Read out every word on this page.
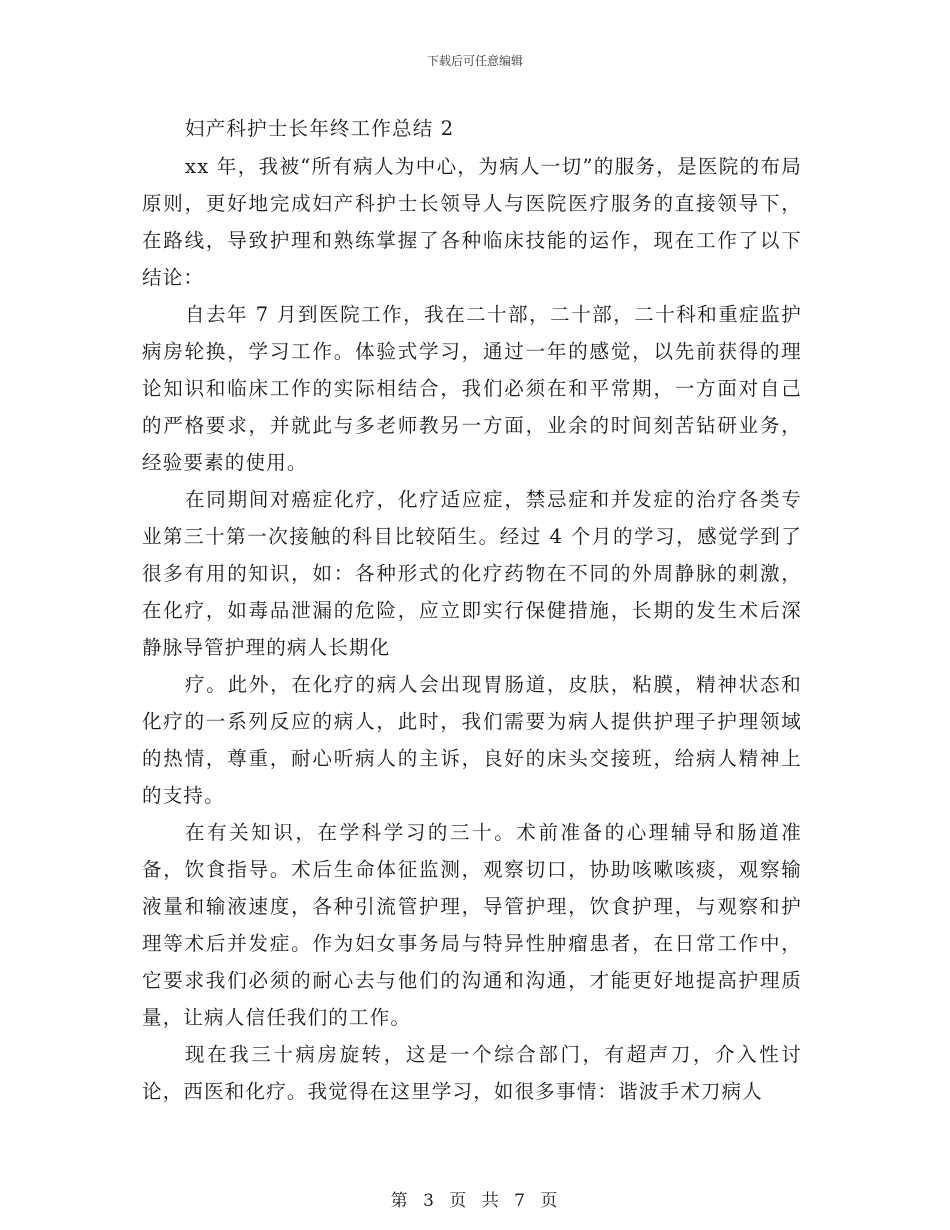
下载后可任意编辑

妇产科护士长年终工作总结 2

xx 年，我被“所有病人为中心，为病人一切”的服务，是医院的布局原则，更好地完成妇产科护士长领导人与医院医疗服务的直接领导下，在路线，导致护理和熟练掌握了各种临床技能的运作，现在工作了以下结论：

自去年 7 月到医院工作，我在二十部，二十部，二十科和重症监护病房轮换，学习工作。体验式学习，通过一年的感觉，以先前获得的理论知识和临床工作的实际相结合，我们必须在和平常期，一方面对自己的严格要求，并就此与多老师教另一方面，业余的时间刻苦钻研业务，经验要素的使用。

在同期间对癌症化疗，化疗适应症，禁忌症和并发症的治疗各类专业第三十第一次接触的科目比较陌生。经过 4 个月的学习，感觉学到了很多有用的知识，如：各种形式的化疗药物在不同的外周静脉的刺激，在化疗，如毒品泄漏的危险，应立即实行保健措施，长期的发生术后深静脉导管护理的病人长期化

疗。此外，在化疗的病人会出现胃肠道，皮肤，粘膜，精神状态和化疗的一系列反应的病人，此时，我们需要为病人提供护理子护理领域的热情，尊重，耐心听病人的主诉，良好的床头交接班，给病人精神上的支持。

在有关知识，在学科学习的三十。术前准备的心理辅导和肠道准备，饮食指导。术后生命体征监测，观察切口，协助咳嗽咳痰，观察输液量和输液速度，各种引流管护理，导管护理，饮食护理，与观察和护理等术后并发症。作为妇女事务局与特异性肿瘤患者，在日常工作中，它要求我们必须的耐心去与他们的沟通和沟通，才能更好地提高护理质量，让病人信任我们的工作。

现在我三十病房旋转，这是一个综合部门，有超声刀，介入性讨论，西医和化疗。我觉得在这里学习，如很多事情：谐波手术刀病人

第 3 页 共 7 页
